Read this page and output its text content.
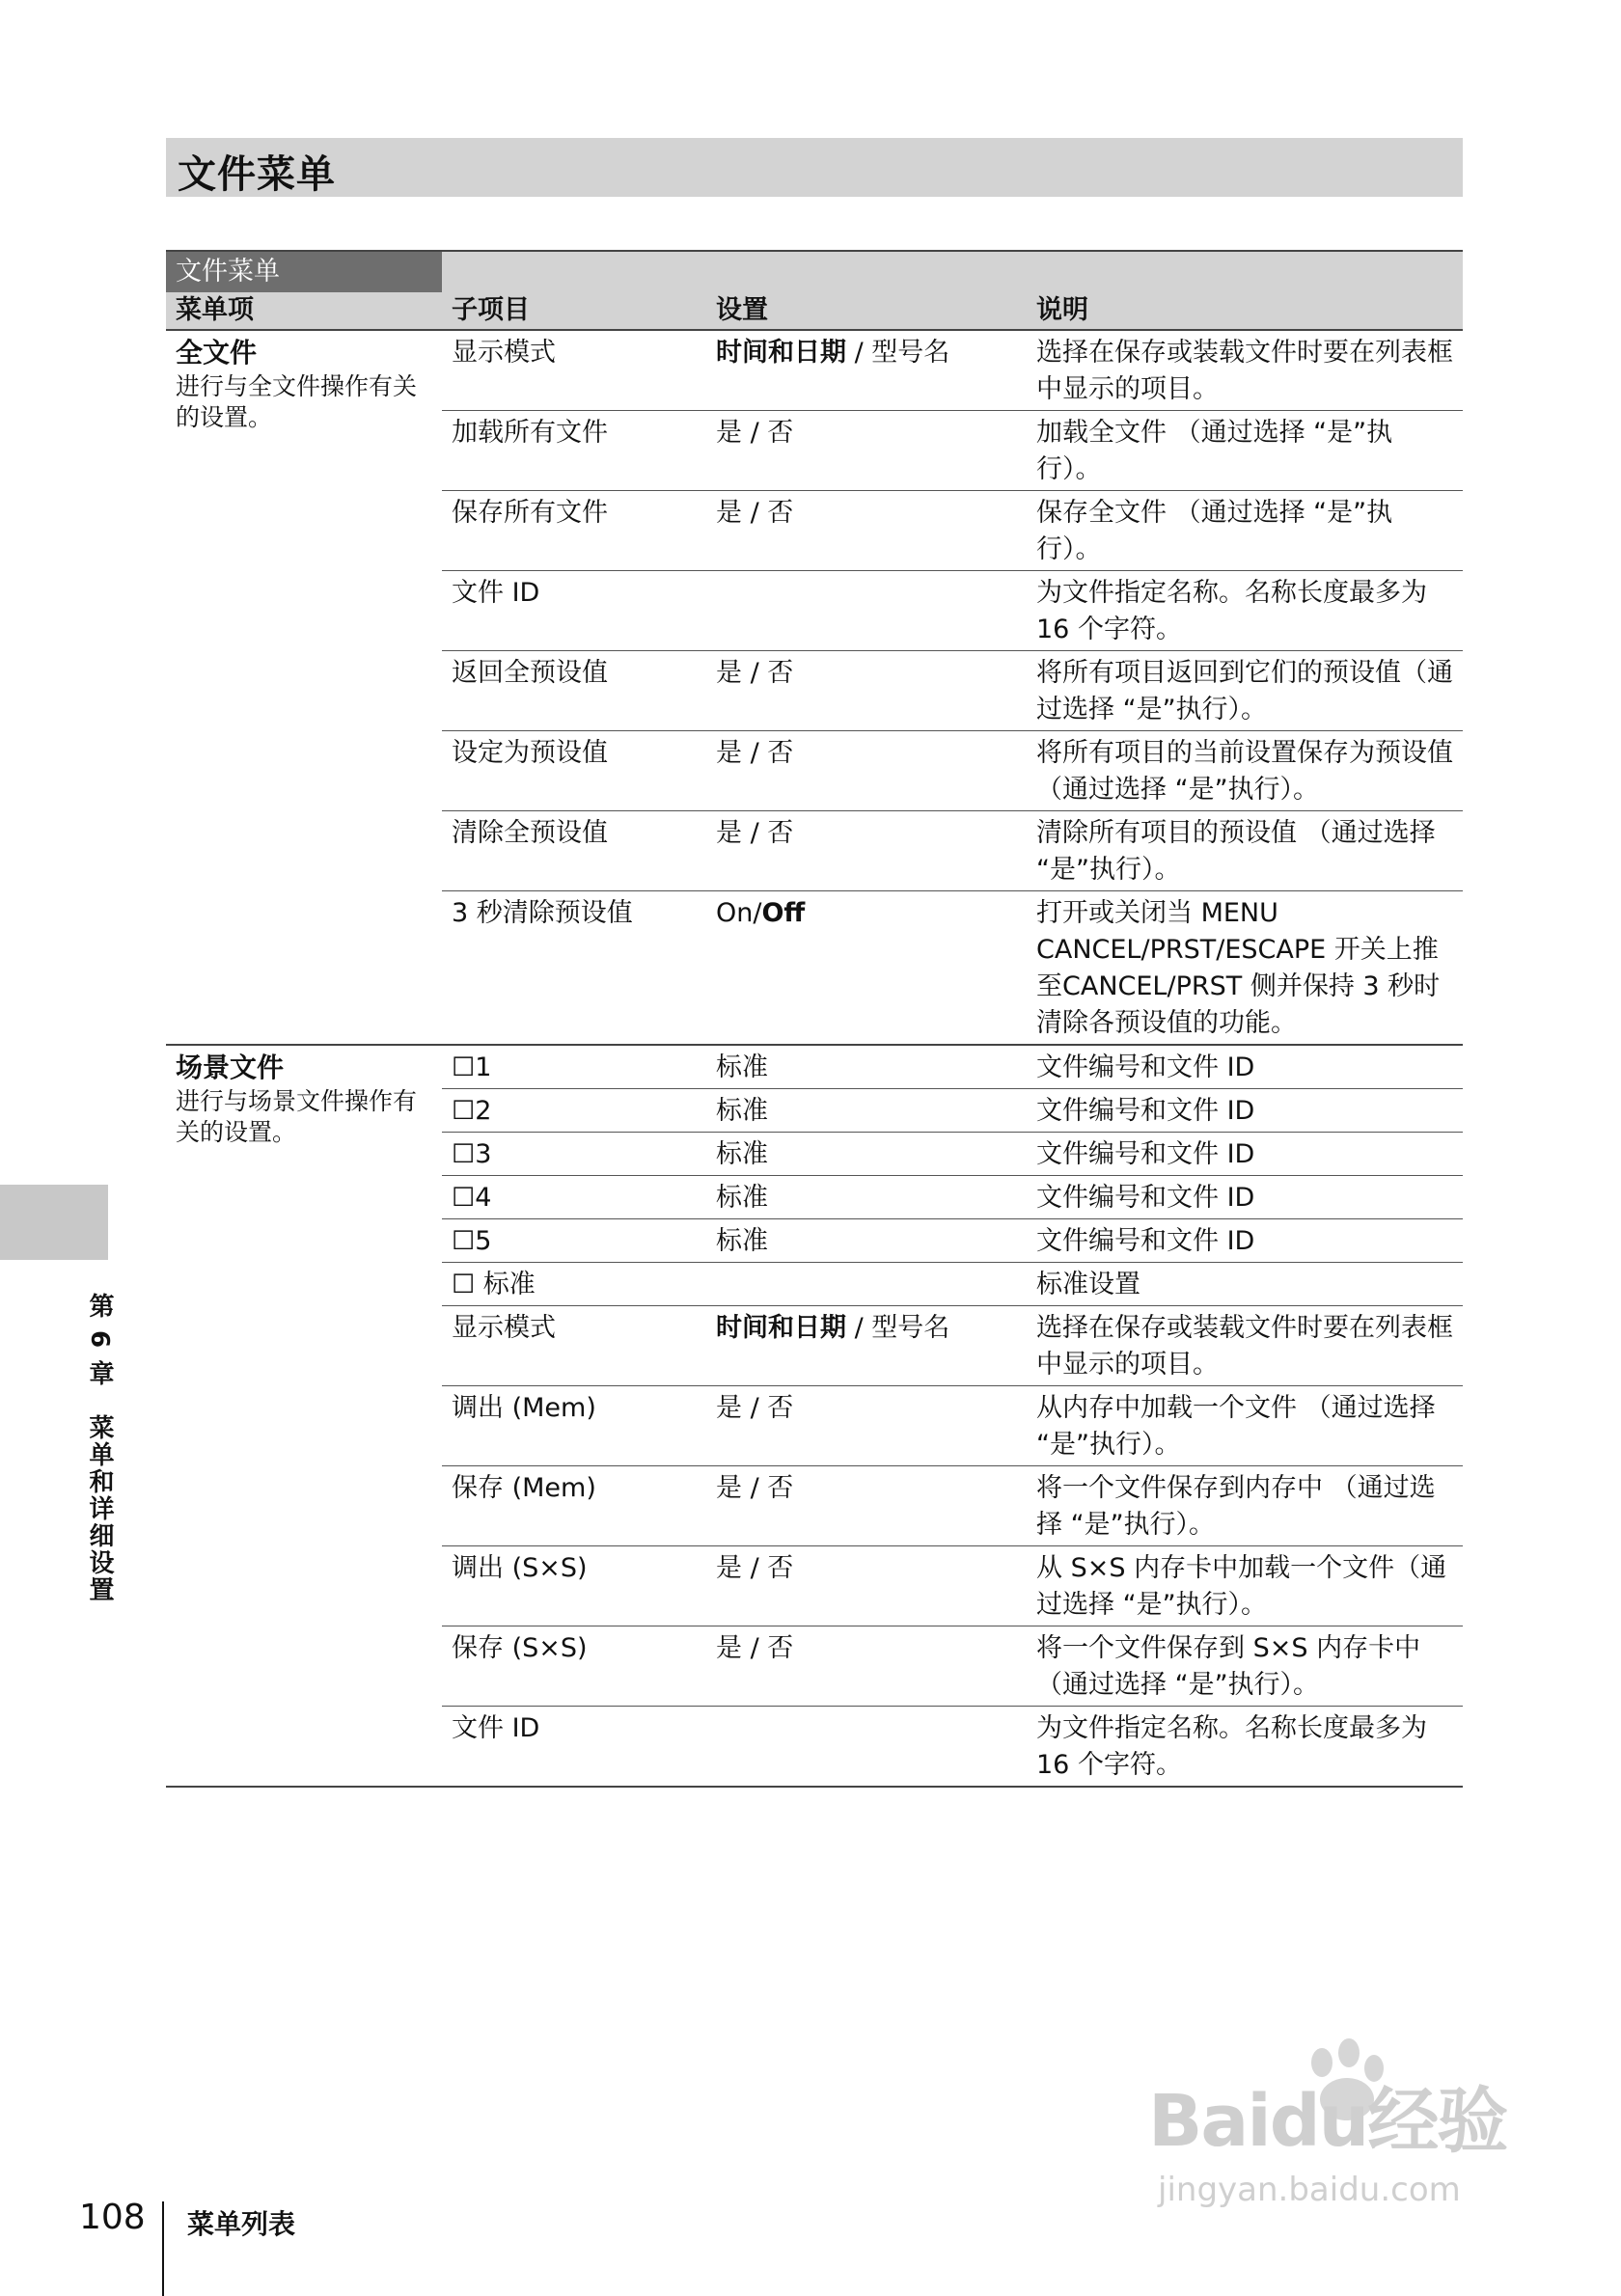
文件菜单
文件菜单			

菜单项	子项目	设置	说明

全文件
进行与全文件操作有关的设置。	显示模式	时间和日期 / 型号名	选择在保存或装载文件时要在列表框中显示的项目。
	加载所有文件	是 / 否	加载全文件 （通过选择 “是”执行）。
	保存所有文件	是 / 否	保存全文件 （通过选择 “是”执行）。
	文件 ID		为文件指定名称。名称长度最多为 16 个字符。
	返回全预设值	是 / 否	将所有项目返回到它们的预设值（通过选择 “是”执行）。
	设定为预设值	是 / 否	将所有项目的当前设置保存为预设值 （通过选择 “是”执行）。
	清除全预设值	是 / 否	清除所有项目的预设值 （通过选择 “是”执行）。
	3 秒清除预设值	On/Off	打开或关闭当 MENU CANCEL/PRST/ESCAPE 开关上推至CANCEL/PRST 侧并保持 3 秒时清除各预设值的功能。

场景文件
进行与场景文件操作有关的设置。	☐1	标准	文件编号和文件 ID
	☐2	标准	文件编号和文件 ID
	☐3	标准	文件编号和文件 ID
	☐4	标准	文件编号和文件 ID
	☐5	标准	文件编号和文件 ID
	☐ 标准		标准设置
	显示模式	时间和日期 / 型号名	选择在保存或装载文件时要在列表框中显示的项目。
	调出 (Mem)	是 / 否	从内存中加载一个文件 （通过选择 “是”执行）。
	保存 (Mem)	是 / 否	将一个文件保存到内存中 （通过选择 “是”执行）。
	调出 (S×S)	是 / 否	从 S×S 内存卡中加载一个文件（通过选择 “是”执行）。
	保存 (S×S)	是 / 否	将一个文件保存到 S×S 内存卡中（通过选择 “是”执行）。
	文件 ID		为文件指定名称。名称长度最多为 16 个字符。
第 6 章　菜单和详细设置
108 菜单列表
Baidu经验
jingyan.baidu.com
